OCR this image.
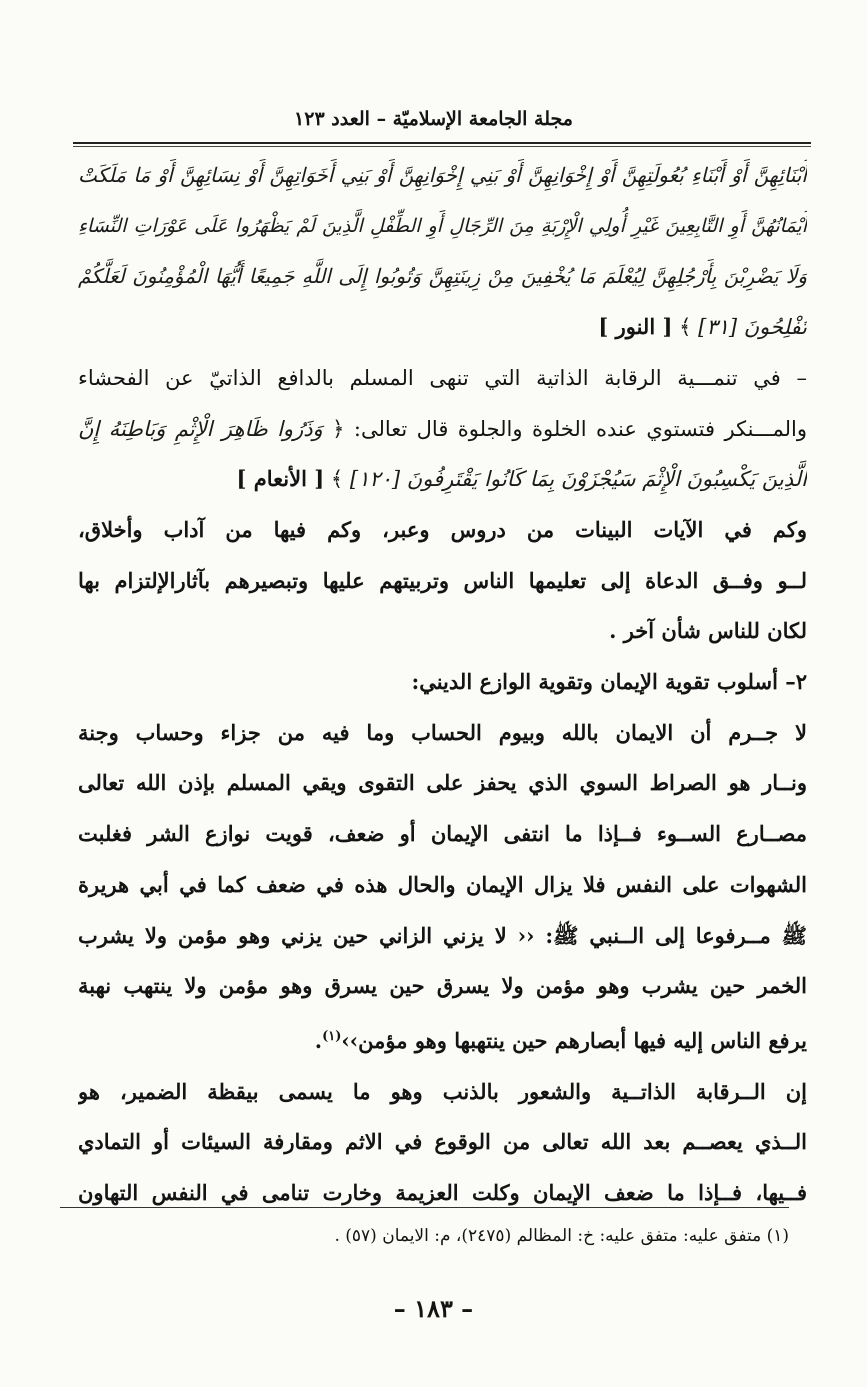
مجلة الجامعة الإسلاميّة – العدد ١٢٣
أَبْنَائِهِنَّ أَوْ أَبْنَاءِ بُعُولَتِهِنَّ أَوْ إِخْوَانِهِنَّ أَوْ بَنِي إِخْوَانِهِنَّ أَوْ بَنِي أَخَوَاتِهِنَّ أَوْ نِسَائِهِنَّ أَوْ مَا مَلَكَتْ
أَيْمَانُهُنَّ أَوِ التَّابِعِينَ غَيْرِ أُولِي الْإِرْبَةِ مِنَ الرِّجَالِ أَوِ الطِّفْلِ الَّذِينَ لَمْ يَظْهَرُوا عَلَى عَوْرَاتِ النِّسَاءِ
وَلَا يَضْرِبْنَ بِأَرْجُلِهِنَّ لِيُعْلَمَ مَا يُخْفِينَ مِنْ زِينَتِهِنَّ وَتُوبُوا إِلَى اللَّهِ جَمِيعًا أَيُّهَا الْمُؤْمِنُونَ لَعَلَّكُمْ
تُفْلِحُونَ [٣١] ﴾ [ النور ]
– في تنمـــية الرقابة الذاتية التي تنهى المسلم بالدافع الذاتيّ عن الفحشاء
والمـــنكر فتستوي عنده الخلوة والجلوة قال تعالى: ﴿ وَذَرُوا ظَاهِرَ الْإِثْمِ وَبَاطِنَهُ إِنَّ
الَّذِينَ يَكْسِبُونَ الْإِثْمَ سَيُجْزَوْنَ بِمَا كَانُوا يَقْتَرِفُونَ [١٢٠] ﴾ [ الأنعام ]
وكم في الآيات البينات من دروس وعبر، وكم فيها من آداب وأخلاق،
لــو وفــق الدعاة إلى تعليمها الناس وتربيتهم عليها وتبصيرهم بآثارالإلتزام بها
لكان للناس شأن آخر .
٢– أسلوب تقوية الإيمان وتقوية الوازع الديني:
لا جــرم أن الايمان بالله وبيوم الحساب وما فيه من جزاء وحساب وجنة
ونــار هو الصراط السوي الذي يحفز على التقوى ويقي المسلم بإذن الله تعالى
مصــارع الســوء فــإذا ما انتفى الإيمان أو ضعف، قويت نوازع الشر فغلبت
الشهوات على النفس فلا يزال الإيمان والحال هذه في ضعف كما في أبي هريرة
ﷺ مــرفوعا إلى الــنبي ﷺ: ‹‹ لا يزني الزاني حين يزني وهو مؤمن ولا يشرب
الخمر حين يشرب وهو مؤمن ولا يسرق حين يسرق وهو مؤمن ولا ينتهب نهبة
يرفع الناس إليه فيها أبصارهم حين ينتهبها وهو مؤمن››$^{(١)}$.
إن الــرقابة الذاتــية والشعور بالذنب وهو ما يسمى بيقظة الضمير، هو
الــذي يعصــم بعد الله تعالى من الوقوع في الاثم ومقارفة السيئات أو التمادي
فــيها، فــإذا ما ضعف الإيمان وكلت العزيمة وخارت تنامى في النفس التهاون
(١) متفق عليه: متفق عليه: خ: المظالم (٢٤٧٥)، م: الايمان (٥٧) .
– ١٨٣ –
